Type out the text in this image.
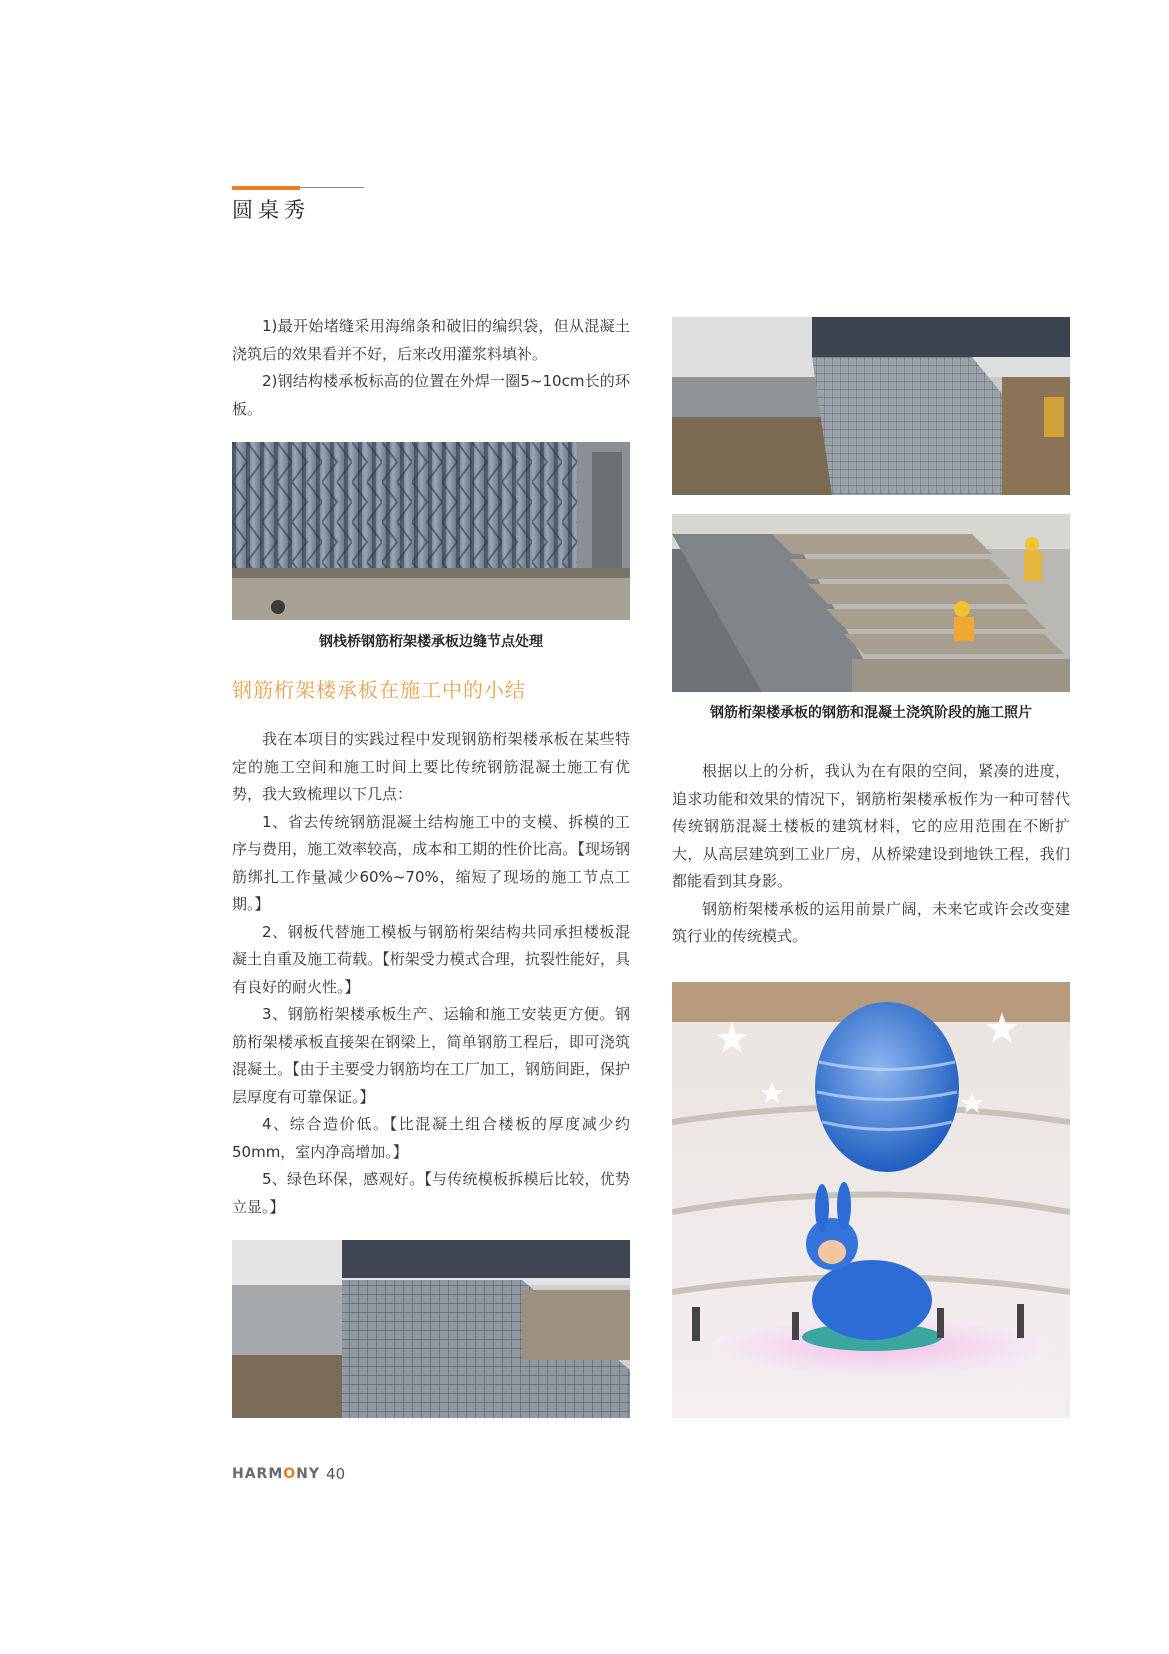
圆桌秀

1)最开始堵缝采用海绵条和破旧的编织袋，但从混凝土浇筑后的效果看并不好，后来改用灌浆料填补。

2)钢结构楼承板标高的位置在外焊一圈5~10cm长的环板。

钢栈桥钢筋桁架楼承板边缝节点处理
钢筋桁架楼承板在施工中的小结

我在本项目的实践过程中发现钢筋桁架楼承板在某些特定的施工空间和施工时间上要比传统钢筋混凝土施工有优势，我大致梳理以下几点：

1、省去传统钢筋混凝土结构施工中的支模、拆模的工序与费用，施工效率较高，成本和工期的性价比高。【现场钢筋绑扎工作量减少60%~70%，缩短了现场的施工节点工期。】

2、钢板代替施工模板与钢筋桁架结构共同承担楼板混凝土自重及施工荷载。【桁架受力模式合理，抗裂性能好，具有良好的耐火性。】

3、钢筋桁架楼承板生产、运输和施工安装更方便。钢筋桁架楼承板直接架在钢梁上，简单钢筋工程后，即可浇筑混凝土。【由于主要受力钢筋均在工厂加工，钢筋间距，保护层厚度有可靠保证。】

4、综合造价低。【比混凝土组合楼板的厚度减少约50mm，室内净高增加。】

5、绿色环保，感观好。【与传统模板拆模后比较，优势立显。】

钢筋桁架楼承板的钢筋和混凝土浇筑阶段的施工照片

根据以上的分析，我认为在有限的空间，紧凑的进度，追求功能和效果的情况下，钢筋桁架楼承板作为一种可替代传统钢筋混凝土楼板的建筑材料，它的应用范围在不断扩大，从高层建筑到工业厂房，从桥梁建设到地铁工程，我们都能看到其身影。

钢筋桁架楼承板的运用前景广阔，未来它或许会改变建筑行业的传统模式。

HARMONY 40
